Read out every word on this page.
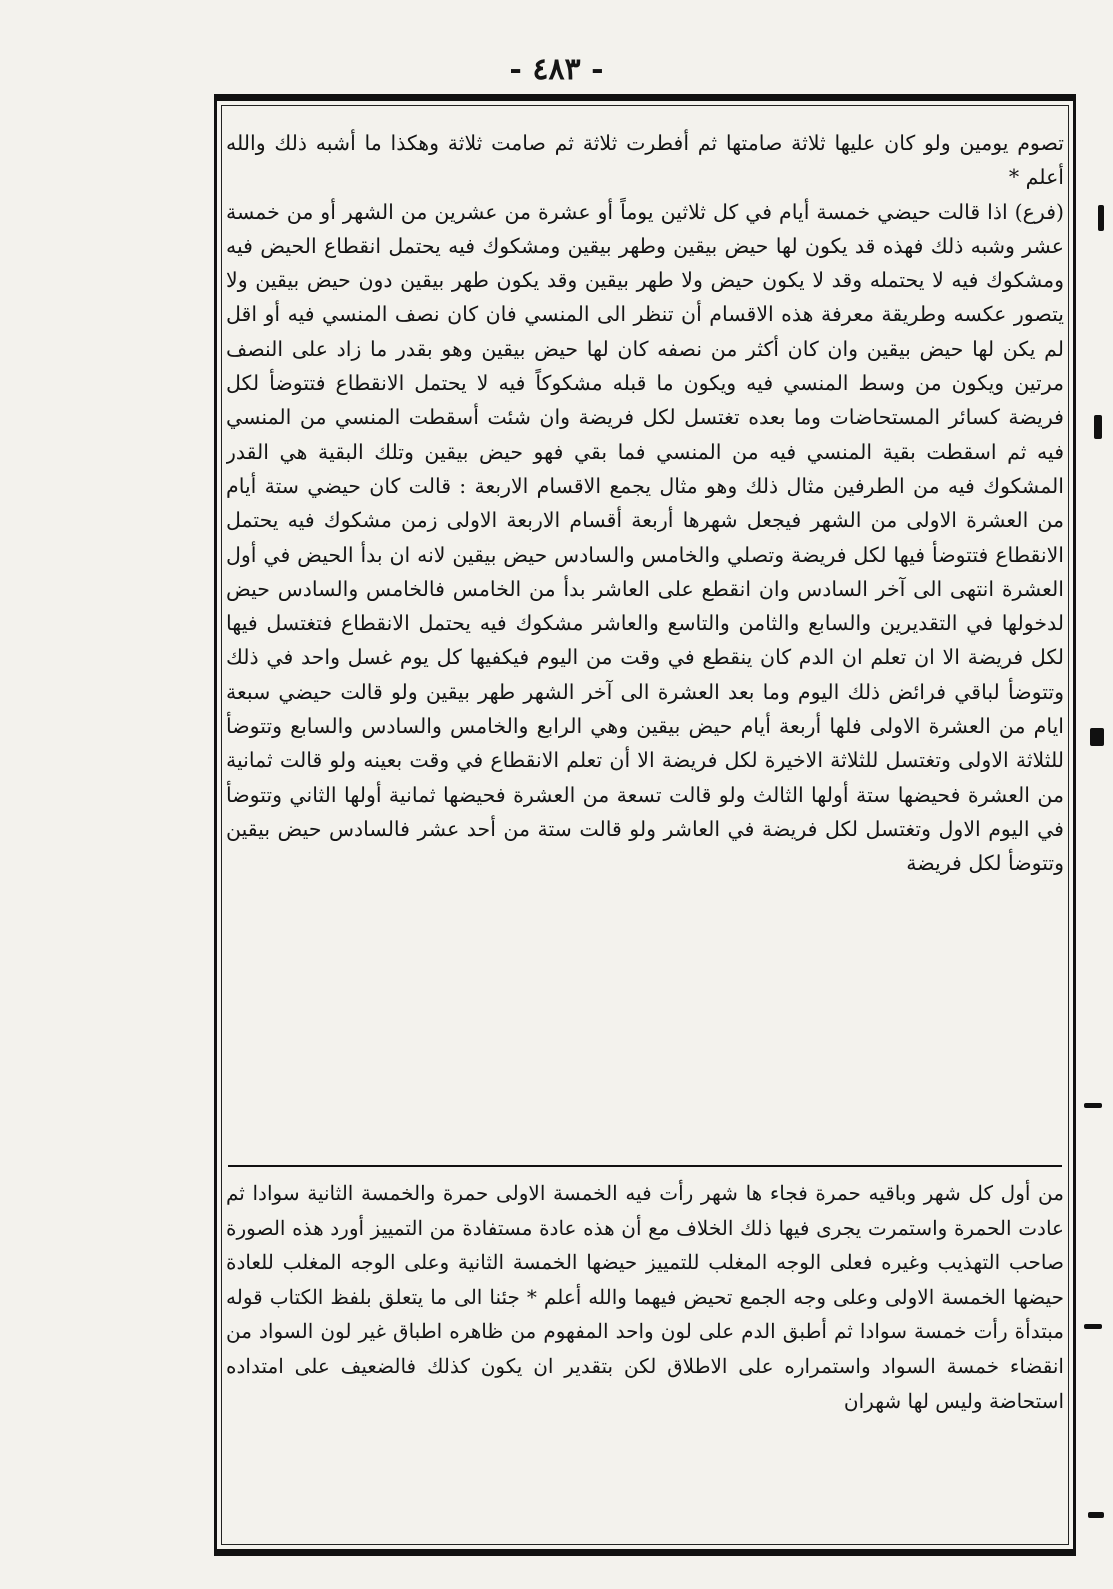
- ٤٨٣ -

تصوم يومين ولو كان عليها ثلاثة صامتها ثم أفطرت ثلاثة ثم صامت ثلاثة وهكذا ما أشبه ذلك والله أعلم *

(فرع) اذا قالت حيضي خمسة أيام في كل ثلاثين يوماً أو عشرة من عشرين من الشهر أو من خمسة عشر وشبه ذلك فهذه قد يكون لها حيض بيقين وطهر بيقين ومشكوك فيه يحتمل انقطاع الحيض فيه ومشكوك فيه لا يحتمله وقد لا يكون حيض ولا طهر بيقين وقد يكون طهر بيقين دون حيض بيقين ولا يتصور عكسه وطريقة معرفة هذه الاقسام أن تنظر الى المنسي فان كان نصف المنسي فيه أو اقل لم يكن لها حيض بيقين وان كان أكثر من نصفه كان لها حيض بيقين وهو بقدر ما زاد على النصف مرتين ويكون من وسط المنسي فيه ويكون ما قبله مشكوكاً فيه لا يحتمل الانقطاع فتتوضأ لكل فريضة كسائر المستحاضات وما بعده تغتسل لكل فريضة وان شئت أسقطت المنسي من المنسي فيه ثم اسقطت بقية المنسي فيه من المنسي فما بقي فهو حيض بيقين وتلك البقية هي القدر المشكوك فيه من الطرفين مثال ذلك وهو مثال يجمع الاقسام الاربعة : قالت كان حيضي ستة أيام من العشرة الاولى من الشهر فيجعل شهرها أربعة أقسام الاربعة الاولى زمن مشكوك فيه يحتمل الانقطاع فتتوضأ فيها لكل فريضة وتصلي والخامس والسادس حيض بيقين لانه ان بدأ الحيض في أول العشرة انتهى الى آخر السادس وان انقطع على العاشر بدأ من الخامس فالخامس والسادس حيض لدخولها في التقديرين والسابع والثامن والتاسع والعاشر مشكوك فيه يحتمل الانقطاع فتغتسل فيها لكل فريضة الا ان تعلم ان الدم كان ينقطع في وقت من اليوم فيكفيها كل يوم غسل واحد في ذلك وتتوضأ لباقي فرائض ذلك اليوم وما بعد العشرة الى آخر الشهر طهر بيقين ولو قالت حيضي سبعة ايام من العشرة الاولى فلها أربعة أيام حيض بيقين وهي الرابع والخامس والسادس والسابع وتتوضأ للثلاثة الاولى وتغتسل للثلاثة الاخيرة لكل فريضة الا أن تعلم الانقطاع في وقت بعينه ولو قالت ثمانية من العشرة فحيضها ستة أولها الثالث ولو قالت تسعة من العشرة فحيضها ثمانية أولها الثاني وتتوضأ في اليوم الاول وتغتسل لكل فريضة في العاشر ولو قالت ستة من أحد عشر فالسادس حيض بيقين وتتوضأ لكل فريضة

من أول كل شهر وباقيه حمرة فجاء ها شهر رأت فيه الخمسة الاولى حمرة والخمسة الثانية سوادا ثم عادت الحمرة واستمرت يجرى فيها ذلك الخلاف مع أن هذه عادة مستفادة من التمييز أورد هذه الصورة صاحب التهذيب وغيره فعلى الوجه المغلب للتمييز حيضها الخمسة الثانية وعلى الوجه المغلب للعادة حيضها الخمسة الاولى وعلى وجه الجمع تحيض فيهما والله أعلم * جئنا الى ما يتعلق بلفظ الكتاب قوله مبتدأة رأت خمسة سوادا ثم أطبق الدم على لون واحد المفهوم من ظاهره اطباق غير لون السواد من انقضاء خمسة السواد واستمراره على الاطلاق لكن بتقدير ان يكون كذلك فالضعيف على امتداده استحاضة وليس لها شهران
